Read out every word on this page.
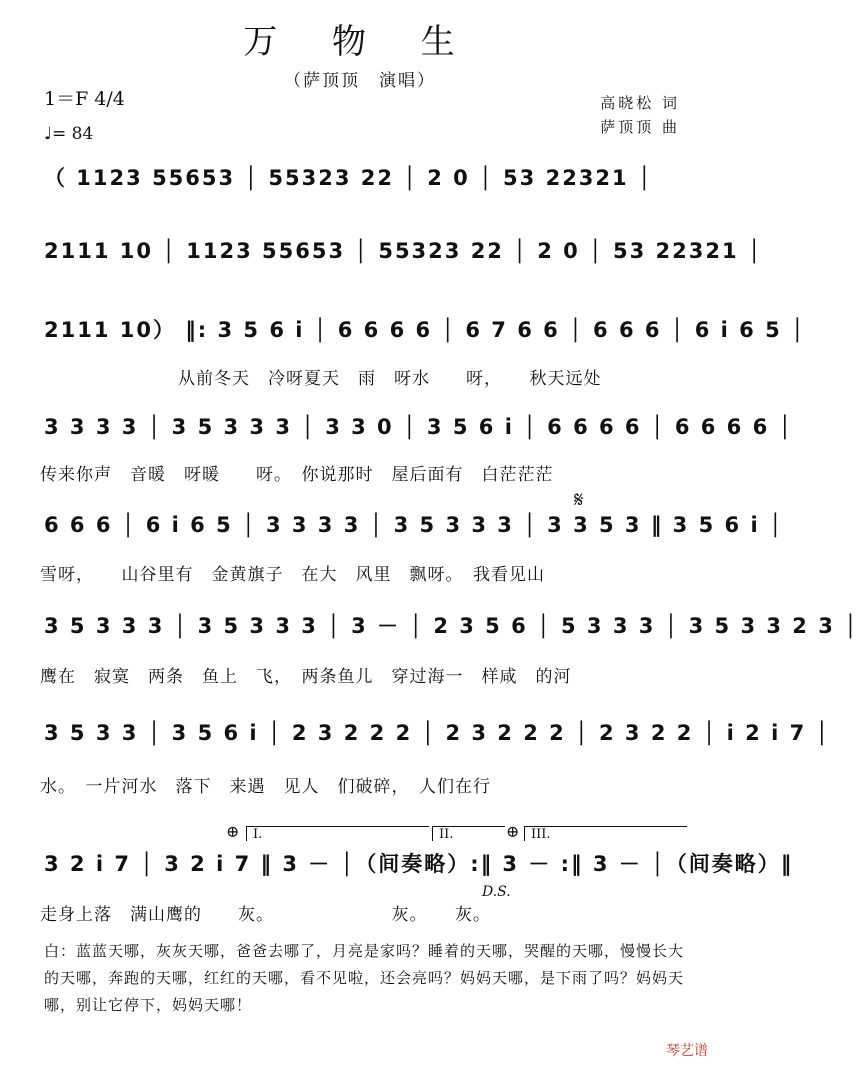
万 物 生
（萨顶顶　演唱）
高晓松 词
萨顶顶 曲
1＝F 4/4
♩= 84
（ 1123 55653 │ 55323 22 │ 2 0 │ 53 22321 │
2111 10 │ 1123 55653 │ 55323 22 │ 2 0 │ 53 22321 │
2111 10） ‖: 3 5 6 i │ 6 6 6 6 │ 6 7 6 6 │ 6 6 6 │ 6 i 6 5 │
从前冬天　冷呀夏天　雨　呀水　　呀，　　秋天远处
3 3 3 3 │ 3 5 3 3 3 │ 3 3 0 │ 3 5 6 i │ 6 6 6 6 │ 6 6 6 6 │
传来你声　音暖　呀暖　　呀。　你说那时　屋后面有　白茫茫茫
𝄋
6 6 6 │ 6 i 6 5 │ 3 3 3 3 │ 3 5 3 3 3 │ 3 3 5 3 ‖ 3 5 6 i │
雪呀，　　山谷里有　金黄旗子　在大　风里　飘呀。　我看见山
3 5 3 3 3 │ 3 5 3 3 3 │ 3 － │ 2 3 5 6 │ 5 3 3 3 │ 3 5 3 3 2 3 │
鹰在　寂寞　两条　鱼上　飞，　两条鱼儿　穿过海一　样咸　的河
3 5 3 3 │ 3 5 6 i │ 2 3 2 2 2 │ 2 3 2 2 2 │ 2 3 2 2 │ i 2 i 7 │
水。　一片河水　落下　来遇　见人　们破碎，　人们在行
⊕	I.	II.	⊕ III.
3 2 i 7 │ 3 2 i 7 ‖ 3 － │（间奏略）:‖ 3 － :‖ 3 － │（间奏略）‖
D.S.
走身上落　满山鹰的　　灰。　　　　　　　灰。　　灰。
白：蓝蓝天哪，灰灰天哪，爸爸去哪了，月亮是家吗？睡着的天哪，哭醒的天哪，慢慢长大的天哪，奔跑的天哪，红红的天哪，看不见啦，还会亮吗？妈妈天哪，是下雨了吗？妈妈天哪，别让它停下，妈妈天哪！
琴艺谱
